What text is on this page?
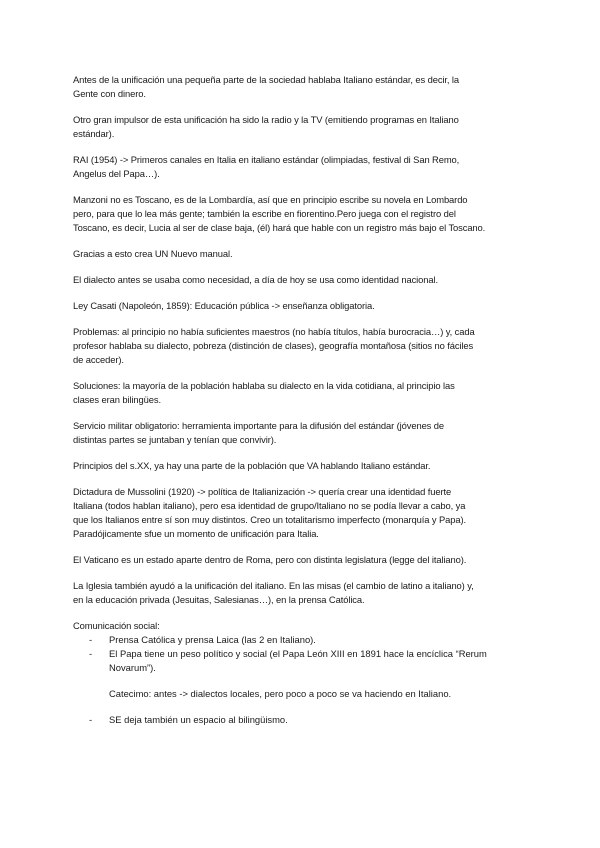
Antes de la unificación una pequeña parte de la sociedad hablaba Italiano estándar, es decir, la
Gente con dinero.

Otro gran impulsor de esta unificación ha sido la radio y la TV (emitiendo programas en Italiano
estándar).

RAI (1954) -> Primeros canales en Italia en italiano estándar (olimpiadas, festival di San Remo,
Angelus del Papa…).

Manzoni no es Toscano, es de la Lombardía, así que en principio escribe su novela en Lombardo
pero, para que lo lea más gente; también la escribe en fiorentino.Pero juega con el registro del
Toscano, es decir, Lucia al ser de clase baja, (él) hará que hable con un registro más bajo el Toscano.

Gracias a esto crea UN Nuevo manual.

El dialecto antes se usaba como necesidad, a día de hoy se usa como identidad nacional.

Ley Casati (Napoleón, 1859): Educación pública -> enseñanza obligatoria.

Problemas: al principio no había suficientes maestros (no había títulos, había burocracia…) y, cada
profesor hablaba su dialecto, pobreza (distinción de clases), geografía montañosa (sitios no fáciles
de acceder).

Soluciones: la mayoría de la población hablaba su dialecto en la vida cotidiana, al principio las
clases eran bilingües.

Servicio militar obligatorio: herramienta importante para la difusión del estándar (jóvenes de
distintas partes se juntaban y tenían que convivir).

Principios del s.XX, ya hay una parte de la población que VA hablando Italiano estándar.

Dictadura de Mussolini (1920) -> política de Italianización -> quería crear una identidad fuerte
Italiana (todos hablan italiano), pero esa identidad de grupo/Italiano no se podía llevar a cabo, ya
que los Italianos entre sí son muy distintos. Creo un totalitarismo imperfecto (monarquía y Papa).
Paradójicamente sfue un momento de unificación para Italia.

El Vaticano es un estado aparte dentro de Roma, pero con distinta legislatura (legge del italiano).

La Iglesia también ayudó a la unificación del italiano. En las misas (el cambio de latino a italiano) y,
en la educación privada (Jesuitas, Salesianas…), en la prensa Católica.

Comunicación social:
- Prensa Católica y prensa Laica (las 2 en Italiano).
- El Papa tiene un peso político y social (el Papa León XIII en 1891 hace la encíclica “Rerum
Novarum”).
Catecimo: antes -> dialectos locales, pero poco a poco se va haciendo en Italiano.
- SE deja también un espacio al bilingüismo.
